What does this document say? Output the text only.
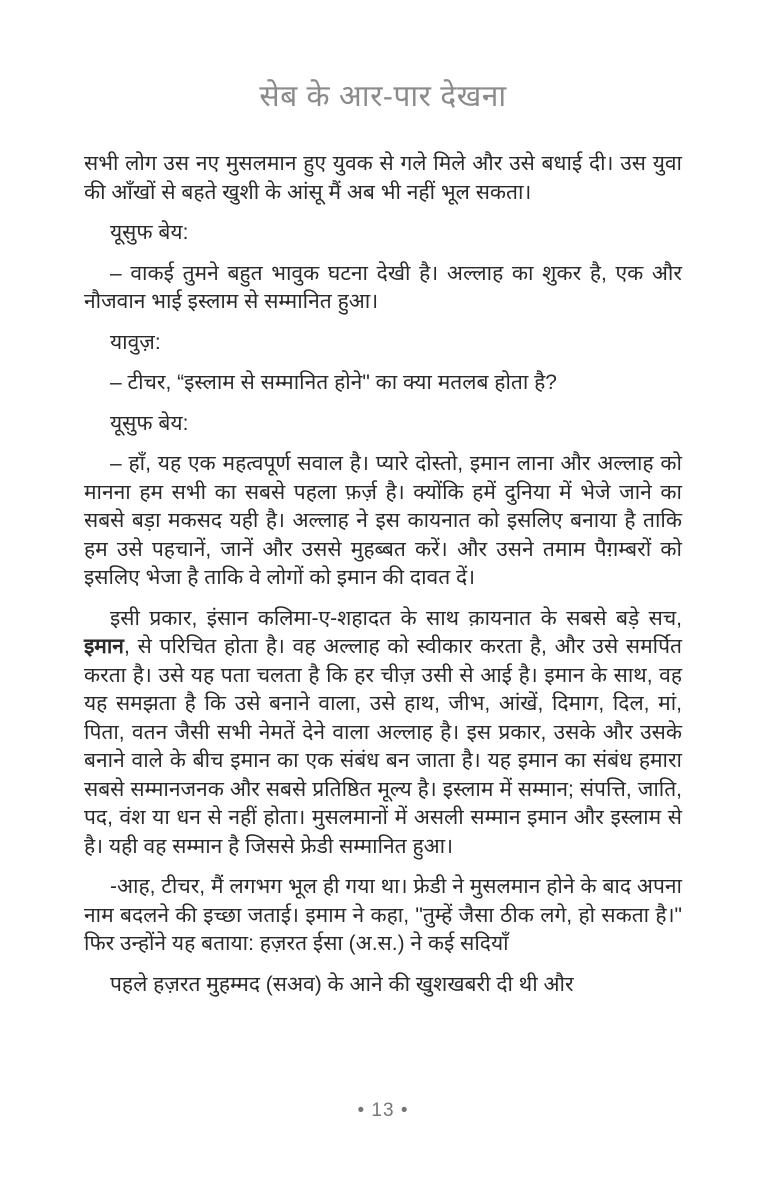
सेब के आर-पार देखना

सभी लोग उस नए मुसलमान हुए युवक से गले मिले और उसे बधाई दी। उस युवा की आँखों से बहते खुशी के आंसू मैं अब भी नहीं भूल सकता।

यूसुफ बेय:

– वाकई तुमने बहुत भावुक घटना देखी है। अल्लाह का शुकर है, एक और नौजवान भाई इस्लाम से सम्मानित हुआ।

यावुज़:

– टीचर, “इस्लाम से सम्मानित होने" का क्या मतलब होता है?

यूसुफ बेय:

– हाँ, यह एक महत्वपूर्ण सवाल है। प्यारे दोस्तो, इमान लाना और अल्लाह को मानना हम सभी का सबसे पहला फ़र्ज़ है। क्योंकि हमें दुनिया में भेजे जाने का सबसे बड़ा मकसद यही है। अल्लाह ने इस कायनात को इसलिए बनाया है ताकि हम उसे पहचानें, जानें और उससे मुहब्बत करें। और उसने तमाम पैग़म्बरों को इसलिए भेजा है ताकि वे लोगों को इमान की दावत दें।

इसी प्रकार, इंसान कलिमा-ए-शहादत के साथ क़ायनात के सबसे बड़े सच, इमान, से परिचित होता है। वह अल्लाह को स्वीकार करता है, और उसे समर्पित करता है। उसे यह पता चलता है कि हर चीज़ उसी से आई है। इमान के साथ, वह यह समझता है कि उसे बनाने वाला, उसे हाथ, जीभ, आंखें, दिमाग, दिल, मां, पिता, वतन जैसी सभी नेमतें देने वाला अल्लाह है। इस प्रकार, उसके और उसके बनाने वाले के बीच इमान का एक संबंध बन जाता है। यह इमान का संबंध हमारा सबसे सम्मानजनक और सबसे प्रतिष्ठित मूल्य है। इस्लाम में सम्मान; संपत्ति, जाति, पद, वंश या धन से नहीं होता। मुसलमानों में असली सम्मान इमान और इस्लाम से है। यही वह सम्मान है जिससे फ्रेडी सम्मानित हुआ।

-आह, टीचर, मैं लगभग भूल ही गया था। फ्रेडी ने मुसलमान होने के बाद अपना नाम बदलने की इच्छा जताई। इमाम ने कहा, "तुम्हें जैसा ठीक लगे, हो सकता है।" फिर उन्होंने यह बताया: हज़रत ईसा (अ.स.) ने कई सदियाँ

पहले हज़रत मुहम्मद (सअव) के आने की खुशखबरी दी थी और

• 13 •
